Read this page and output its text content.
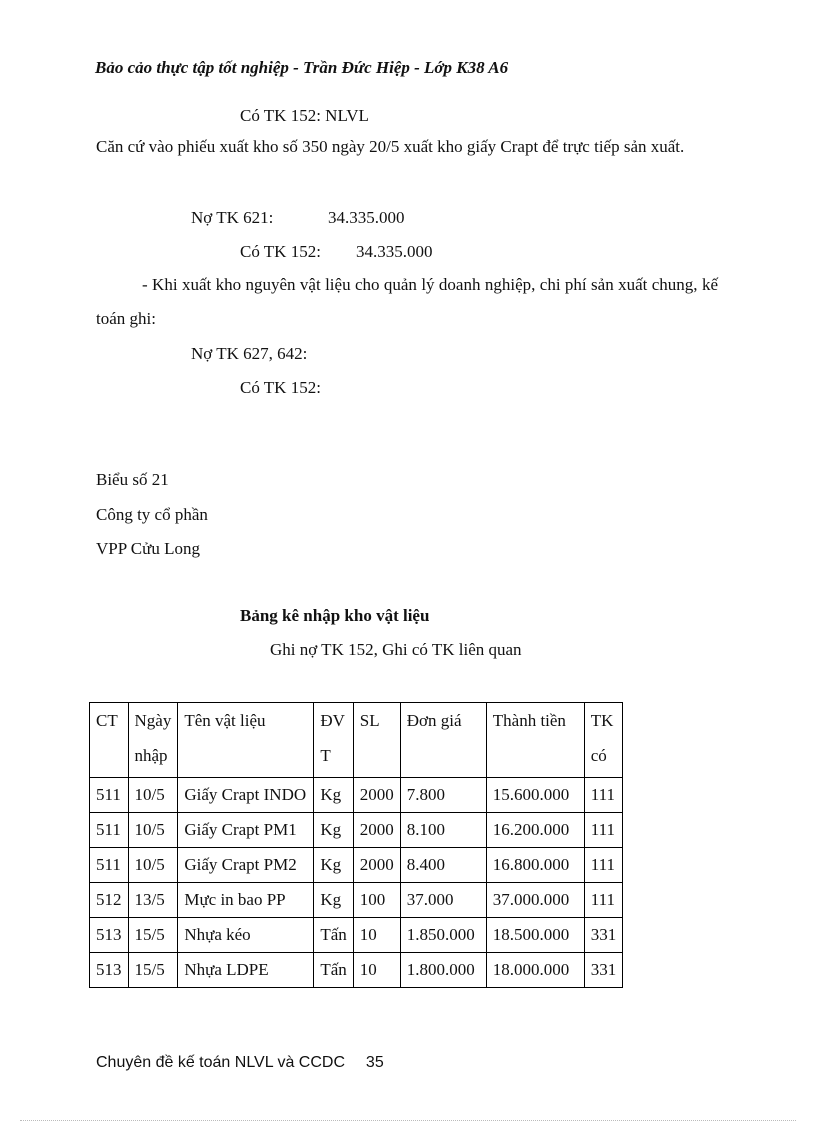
Bảo cảo thực tập tốt nghiệp - Trần Đức Hiệp - Lớp K38 A6
Có TK 152: NLVL
Căn cứ vào phiếu xuất kho số 350 ngày 20/5 xuất kho giấy Crapt để trực tiếp sản xuất.
Nợ TK 621:	34.335.000
Có TK 152: 34.335.000
- Khi xuất kho nguyên vật liệu cho quản lý doanh nghiệp, chi phí sản xuất chung, kế toán ghi:
Nợ TK 627, 642:
Có TK 152:
Biểu số 21
Công ty cổ phần
VPP Cửu Long
Bảng kê nhập kho vật liệu
Ghi nợ TK 152, Ghi có TK liên quan
CT	Ngày nhập	Tên vật liệu	ĐVT	SL	Đơn giá	Thành tiền	TK có
511	10/5	Giấy Crapt INDO	Kg	2000	7.800	15.600.000	111
511	10/5	Giấy Crapt PM1	Kg	2000	8.100	16.200.000	111
511	10/5	Giấy Crapt PM2	Kg	2000	8.400	16.800.000	111
512	13/5	Mực in bao PP	Kg	100	37.000	37.000.000	111
513	15/5	Nhựa kéo	Tấn	10	1.850.000	18.500.000	331
513	15/5	Nhựa LDPE	Tấn	10	1.800.000	18.000.000	331
Chuyên đề kế toán NLVL và CCDC 35
